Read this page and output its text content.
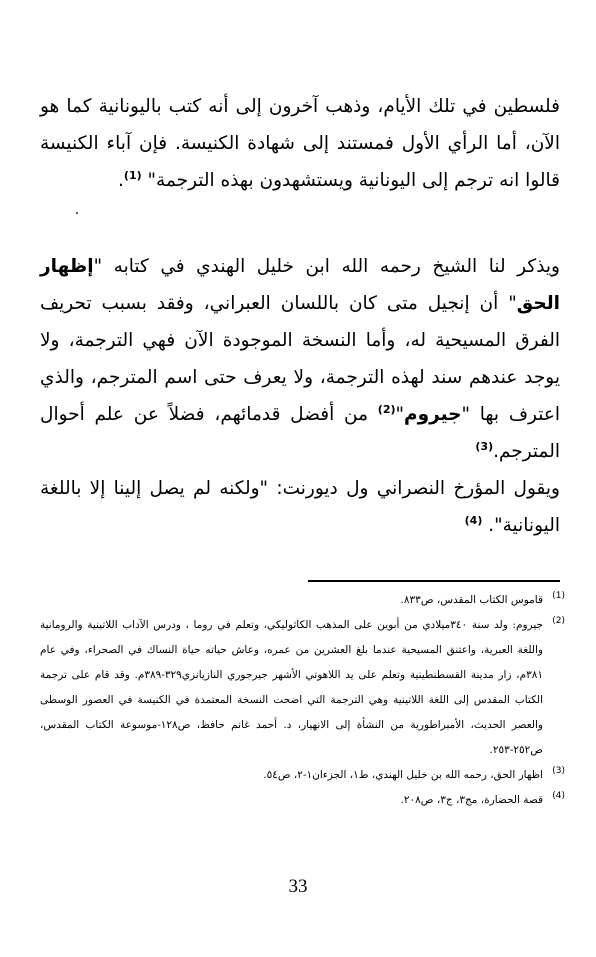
فلسطين في تلك الأيام، وذهب آخرون إلى أنه كتب باليونانية كما هو الآن، أما الرأي الأول فمستند إلى شهادة الكنيسة. فإن آباء الكنيسة قالوا انه ترجم إلى اليونانية ويستشهدون بهذه الترجمة" $^{(1)}$.

ويذكر لنا الشيخ رحمه الله ابن خليل الهندي في كتابه "إظهار الحق" أن إنجيل متى كان باللسان العبراني، وفقد بسبب تحريف الفرق المسيحية له، وأما النسخة الموجودة الآن فهي الترجمة، ولا يوجد عندهم سند لهذه الترجمة، ولا يعرف حتى اسم المترجم، والذي اعترف بها "جيروم"$^{(2)}$ من أفضل قدمائهم، فضلاً عن علم أحوال المترجم.$^{(3)}$

ويقول المؤرخ النصراني ول ديورنت: "ولكنه لم يصل إلينا إلا باللغة اليونانية". $^{(4)}$

(1)
قاموس الكتاب المقدس، ص٨٣٣.
(2)
جيروم: ولد سنة ٣٤٠ميلادي من أبوين على المذهب الكاثوليكي، وتعلم في روما ، ودرس الآداب اللاتينية والرومانية واللغة العبرية، واعتنق المسيحية عندما بلغ العشرين من عمره، وعاش حياته حياة النساك في الصحراء، وفي عام ٣٨١م، زار مدينة القسطنطينية وتعلم على يد اللاهوتي الأشهر جيرجوري النازيانزي٣٢٩-٣٨٩م. وقد قام على ترجمة الكتاب المقدس إلى اللغة اللاتينية وهي الترجمة التي اضحت النسخة المعتمدة في الكنيسة في العصور الوسطى والعصر الحديث، الأمبراطورية من النشأة إلى الانهيار، د. أحمد غانم حافظ، ص١٢٨-موسوعة الكتاب المقدس، ص٢٥٢-٢٥٣.
(3)
اظهار الحق، رحمه الله بن خليل الهندي، ط١، الجزءان١-٢، ص٥٤.
(4)
قصة الحضارة، مج٣، ج٣، ص٢٠٨.
33
